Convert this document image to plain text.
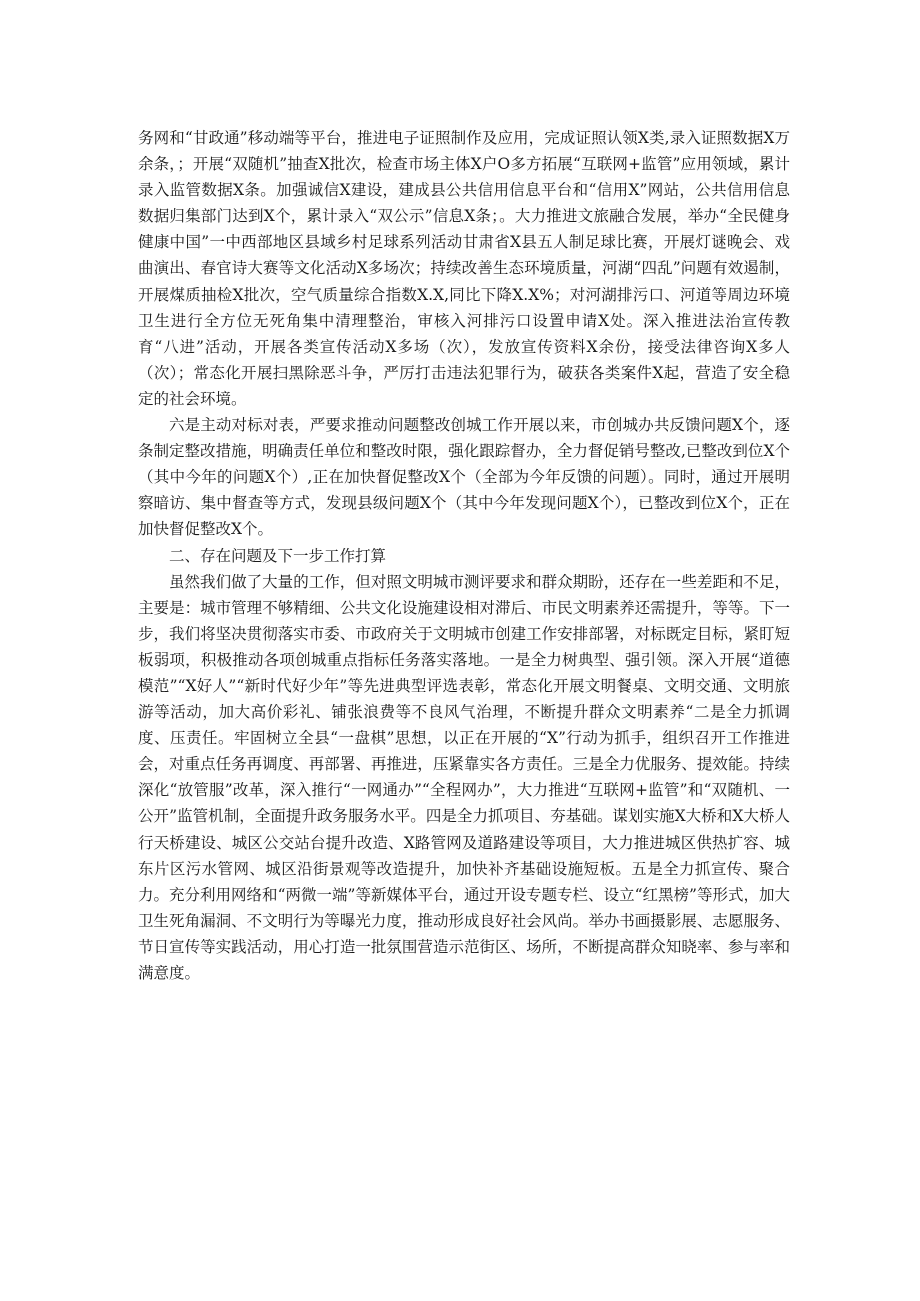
务网和“甘政通”移动端等平台，推进电子证照制作及应用，完成证照认领X类,录入证照数据X万余条，；开展“双随机”抽查X批次，检查市场主体X户O多方拓展“互联网+监管”应用领域，累计录入监管数据X条。加强诚信X建设，建成县公共信用信息平台和“信用X”网站，公共信用信息数据归集部门达到X个，累计录入“双公示”信息X条；。大力推进文旅融合发展，举办“全民健身健康中国”一中西部地区县域乡村足球系列活动甘肃省X县五人制足球比赛，开展灯谜晚会、戏曲演出、春官诗大赛等文化活动X多场次；持续改善生态环境质量，河湖“四乱”问题有效遏制，开展煤质抽检X批次，空气质量综合指数X.X,同比下降X.X%；对河湖排污口、河道等周边环境卫生进行全方位无死角集中清理整治，审核入河排污口设置申请X处。深入推进法治宣传教育“八进”活动，开展各类宣传活动X多场（次），发放宣传资料X余份，接受法律咨询X多人（次）；常态化开展扫黑除恶斗争，严厉打击违法犯罪行为，破获各类案件X起，营造了安全稳定的社会环境。

六是主动对标对表，严要求推动问题整改创城工作开展以来，市创城办共反馈问题X个，逐条制定整改措施，明确责任单位和整改时限，强化跟踪督办，全力督促销号整改,已整改到位X个（其中今年的问题X个）,正在加快督促整改X个（全部为今年反馈的问题）。同时，通过开展明察暗访、集中督查等方式，发现县级问题X个（其中今年发现问题X个），已整改到位X个，正在加快督促整改X个。

二、存在问题及下一步工作打算

虽然我们做了大量的工作，但对照文明城市测评要求和群众期盼，还存在一些差距和不足，主要是：城市管理不够精细、公共文化设施建设相对滞后、市民文明素养还需提升，等等。下一步，我们将坚决贯彻落实市委、市政府关于文明城市创建工作安排部署，对标既定目标，紧盯短板弱项，积极推动各项创城重点指标任务落实落地。一是全力树典型、强引领。深入开展“道德模范”“X好人”“新时代好少年”等先进典型评选表彰，常态化开展文明餐桌、文明交通、文明旅游等活动，加大高价彩礼、铺张浪费等不良风气治理，不断提升群众文明素养“二是全力抓调度、压责任。牢固树立全县“一盘棋”思想，以正在开展的“X”行动为抓手，组织召开工作推进会，对重点任务再调度、再部署、再推进，压紧靠实各方责任。三是全力优服务、提效能。持续深化“放管服”改革，深入推行“一网通办”“全程网办”，大力推进“互联网+监管”和“双随机、一公开”监管机制，全面提升政务服务水平。四是全力抓项目、夯基础。谋划实施X大桥和X大桥人行天桥建设、城区公交站台提升改造、X路管网及道路建设等项目，大力推进城区供热扩容、城东片区污水管网、城区沿街景观等改造提升，加快补齐基础设施短板。五是全力抓宣传、聚合力。充分利用网络和“两微一端”等新媒体平台，通过开设专题专栏、设立“红黑榜”等形式，加大卫生死角漏洞、不文明行为等曝光力度，推动形成良好社会风尚。举办书画摄影展、志愿服务、节日宣传等实践活动，用心打造一批氛围营造示范街区、场所，不断提高群众知晓率、参与率和满意度。
